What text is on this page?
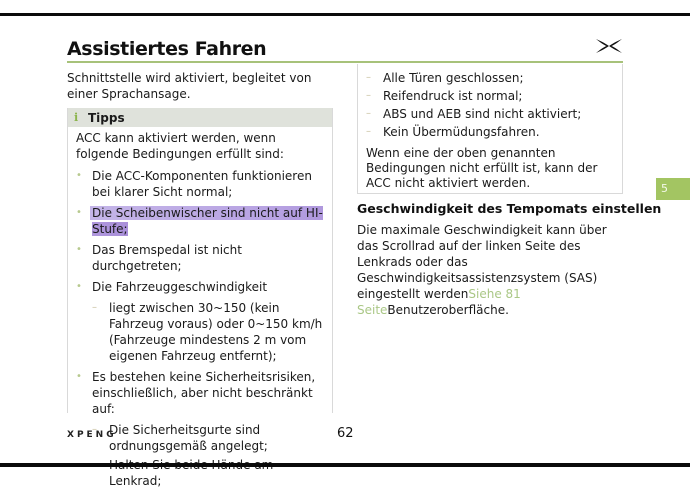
Assistiertes Fahren

Schnittstelle wird aktiviert, begleitet von einer Sprachansage.

i Tipps

ACC kann aktiviert werden, wenn folgende Bedingungen erfüllt sind:

• Die ACC-Komponenten funktionieren bei klarer Sicht normal;
• Die Scheibenwischer sind nicht auf HI-Stufe;
• Das Bremspedal ist nicht durchgetreten;
• Die Fahrzeuggeschwindigkeit
– liegt zwischen 30~150 (kein Fahrzeug voraus) oder 0~150 km/h (Fahrzeuge mindestens 2 m vom eigenen Fahrzeug entfernt);
• Es bestehen keine Sicherheitsrisiken, einschließlich, aber nicht beschränkt auf:
– Die Sicherheitsgurte sind ordnungsgemäß angelegt;
– Lenkrad;
– Alle Türen geschlossen;
– Reifendruck ist normal;
– ABS und AEB sind nicht aktiviert;
– Kein Übermüdungsfahren.

Wenn eine der oben genannten Bedingungen nicht erfüllt ist, kann der ACC nicht aktiviert werden.

Geschwindigkeit des Tempomats einstellen

Die maximale Geschwindigkeit kann über das Scrollrad auf der linken Seite des Lenkrads oder das Geschwindigkeitsassistenzsystem (SAS) eingestellt werdenSiehe 81 SeiteBenutzeroberfläche.

5
XPENG	62
